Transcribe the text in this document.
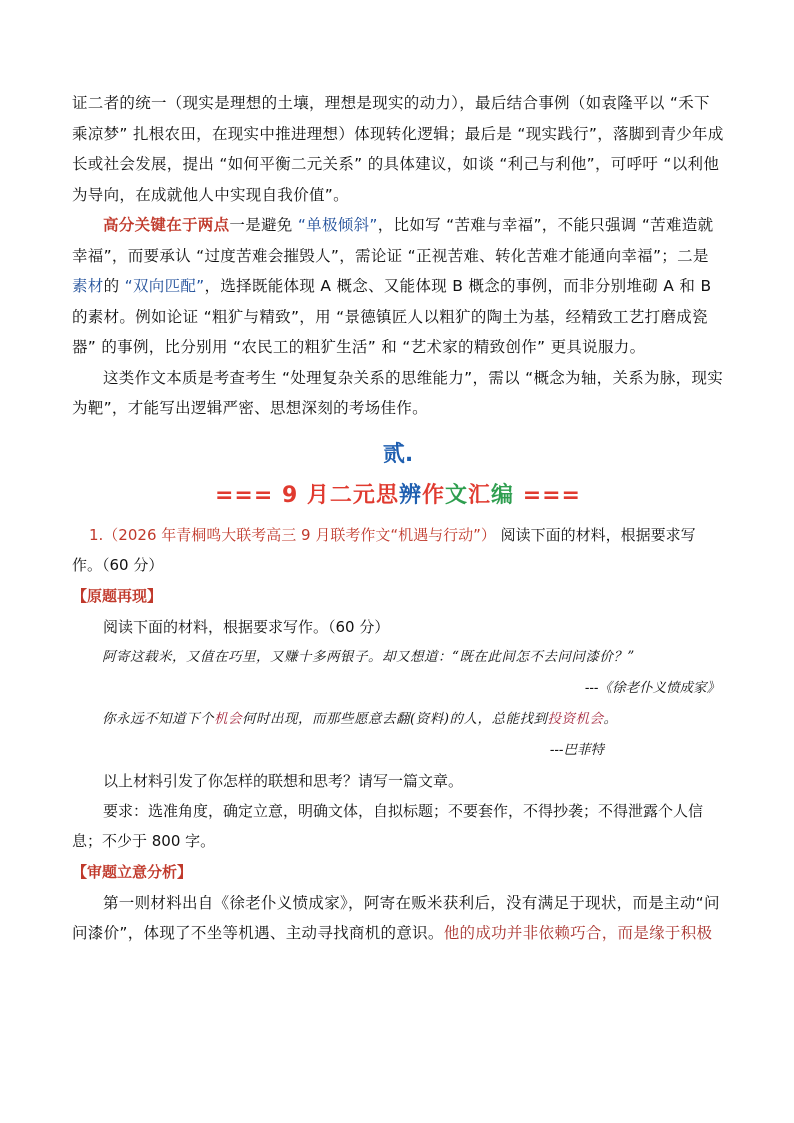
证二者的统一（现实是理想的土壤，理想是现实的动力），最后结合事例（如袁隆平以 “禾下乘凉梦” 扎根农田，在现实中推进理想）体现转化逻辑；最后是 “现实践行”，落脚到青少年成长或社会发展，提出 “如何平衡二元关系” 的具体建议，如谈 “利己与利他”，可呼吁 “以利他为导向，在成就他人中实现自我价值”。

高分关键在于两点一是避免 “单极倾斜”，比如写 “苦难与幸福”，不能只强调 “苦难造就幸福”，而要承认 “过度苦难会摧毁人”，需论证 “正视苦难、转化苦难才能通向幸福”；二是素材的 “双向匹配”，选择既能体现 A 概念、又能体现 B 概念的事例，而非分别堆砌 A 和 B 的素材。例如论证 “粗犷与精致”，用 “景德镇匠人以粗犷的陶土为基，经精致工艺打磨成瓷器” 的事例，比分别用 “农民工的粗犷生活” 和 “艺术家的精致创作” 更具说服力。

这类作文本质是考查考生 “处理复杂关系的思维能力”，需以 “概念为轴，关系为脉，现实为靶”，才能写出逻辑严密、思想深刻的考场佳作。

贰.
=== 9 月二元思辨作文汇编 ===

1.（2026 年青桐鸣大联考高三 9 月联考作文“机遇与行动”） 阅读下面的材料，根据要求写作。（60 分）

【原题再现】

阅读下面的材料，根据要求写作。（60 分）

阿寄这载米，又值在巧里，又赚十多两银子。却又想道：“既在此间怎不去问问漆价？”

---《徐老仆义愤成家》

你永远不知道下个机会何时出现，而那些愿意去翻(资料)的人，总能找到投资机会。

---巴菲特

以上材料引发了你怎样的联想和思考？请写一篇文章。

要求：选准角度，确定立意，明确文体，自拟标题；不要套作，不得抄袭；不得泄露个人信息；不少于 800 字。

【审题立意分析】

第一则材料出自《徐老仆义愤成家》，阿寄在贩米获利后，没有满足于现状，而是主动“问问漆价”，体现了不坐等机遇、主动寻找商机的意识。他的成功并非依赖巧合，而是缘于积极
